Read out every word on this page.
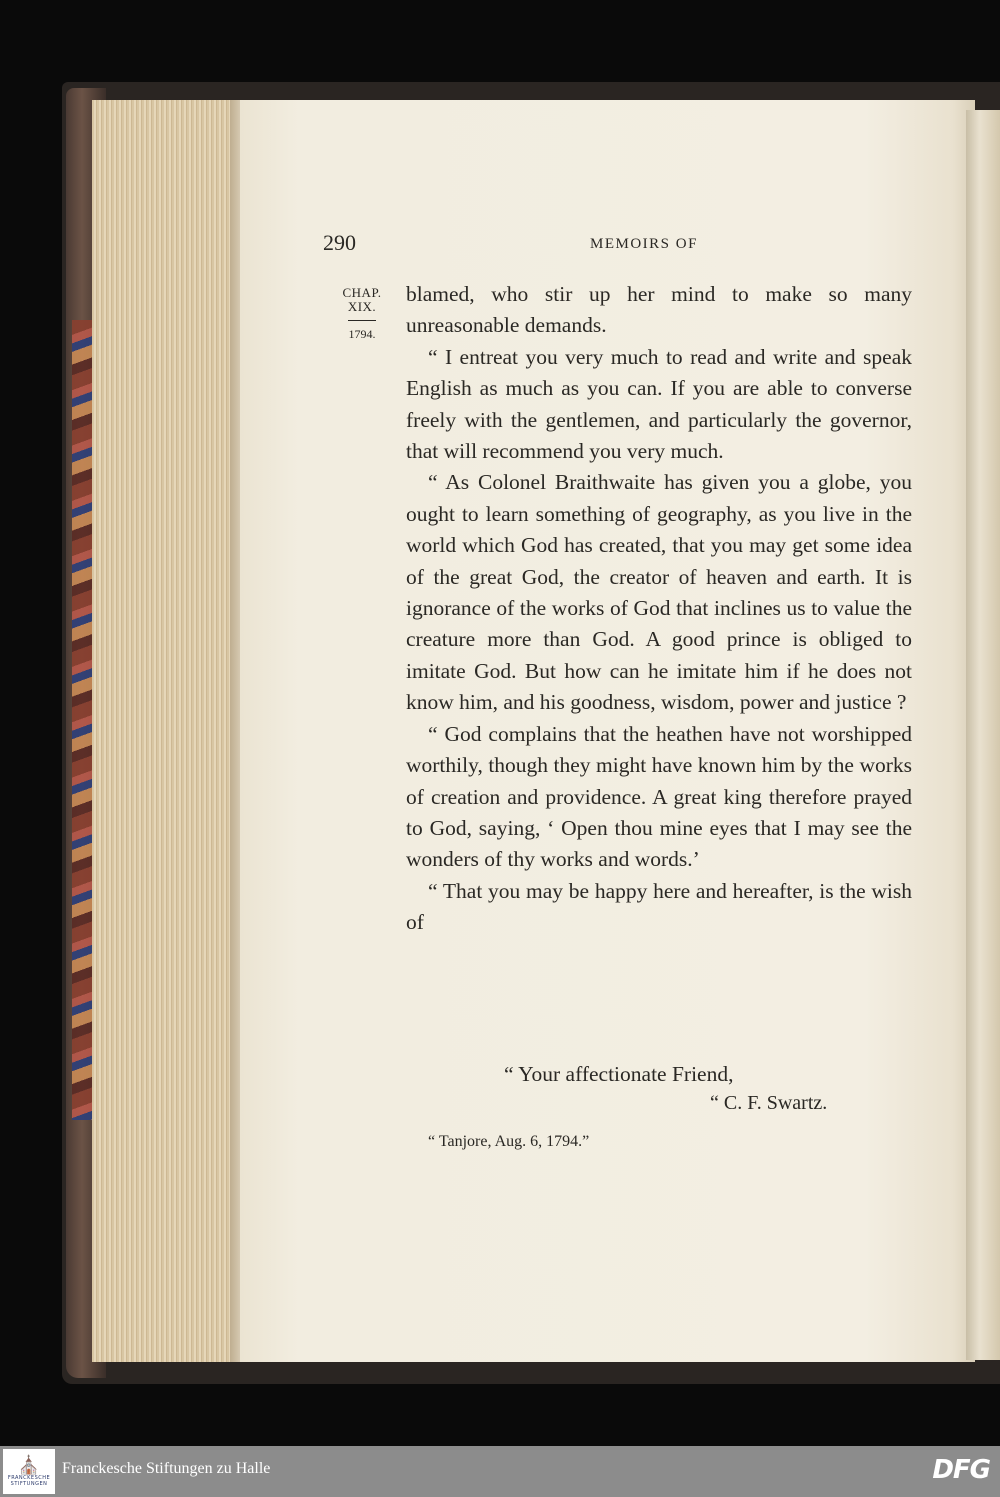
290	MEMOIRS OF
CHAP.
XIX.
1794.

blamed, who stir up her mind to make so many unreasonable demands.

“ I entreat you very much to read and write and speak English as much as you can. If you are able to converse freely with the gentlemen, and particularly the governor, that will recommend you very much.

“ As Colonel Braithwaite has given you a globe, you ought to learn something of geography, as you live in the world which God has created, that you may get some idea of the great God, the creator of heaven and earth. It is ignorance of the works of God that inclines us to value the creature more than God. A good prince is obliged to imitate God. But how can he imitate him if he does not know him, and his goodness, wisdom, power and justice ?

“ God complains that the heathen have not worshipped worthily, though they might have known him by the works of creation and providence. A great king therefore prayed to God, saying, ‘ Open thou mine eyes that I may see the wonders of thy works and words.’

“ That you may be happy here and hereafter, is the wish of

“ Your affectionate Friend,
“ C. F. Swartz.
“ Tanjore, Aug. 6, 1794.”
⛪
FRANCKESCHE STIFTUNGEN
Franckesche Stiftungen zu Halle	DFG
